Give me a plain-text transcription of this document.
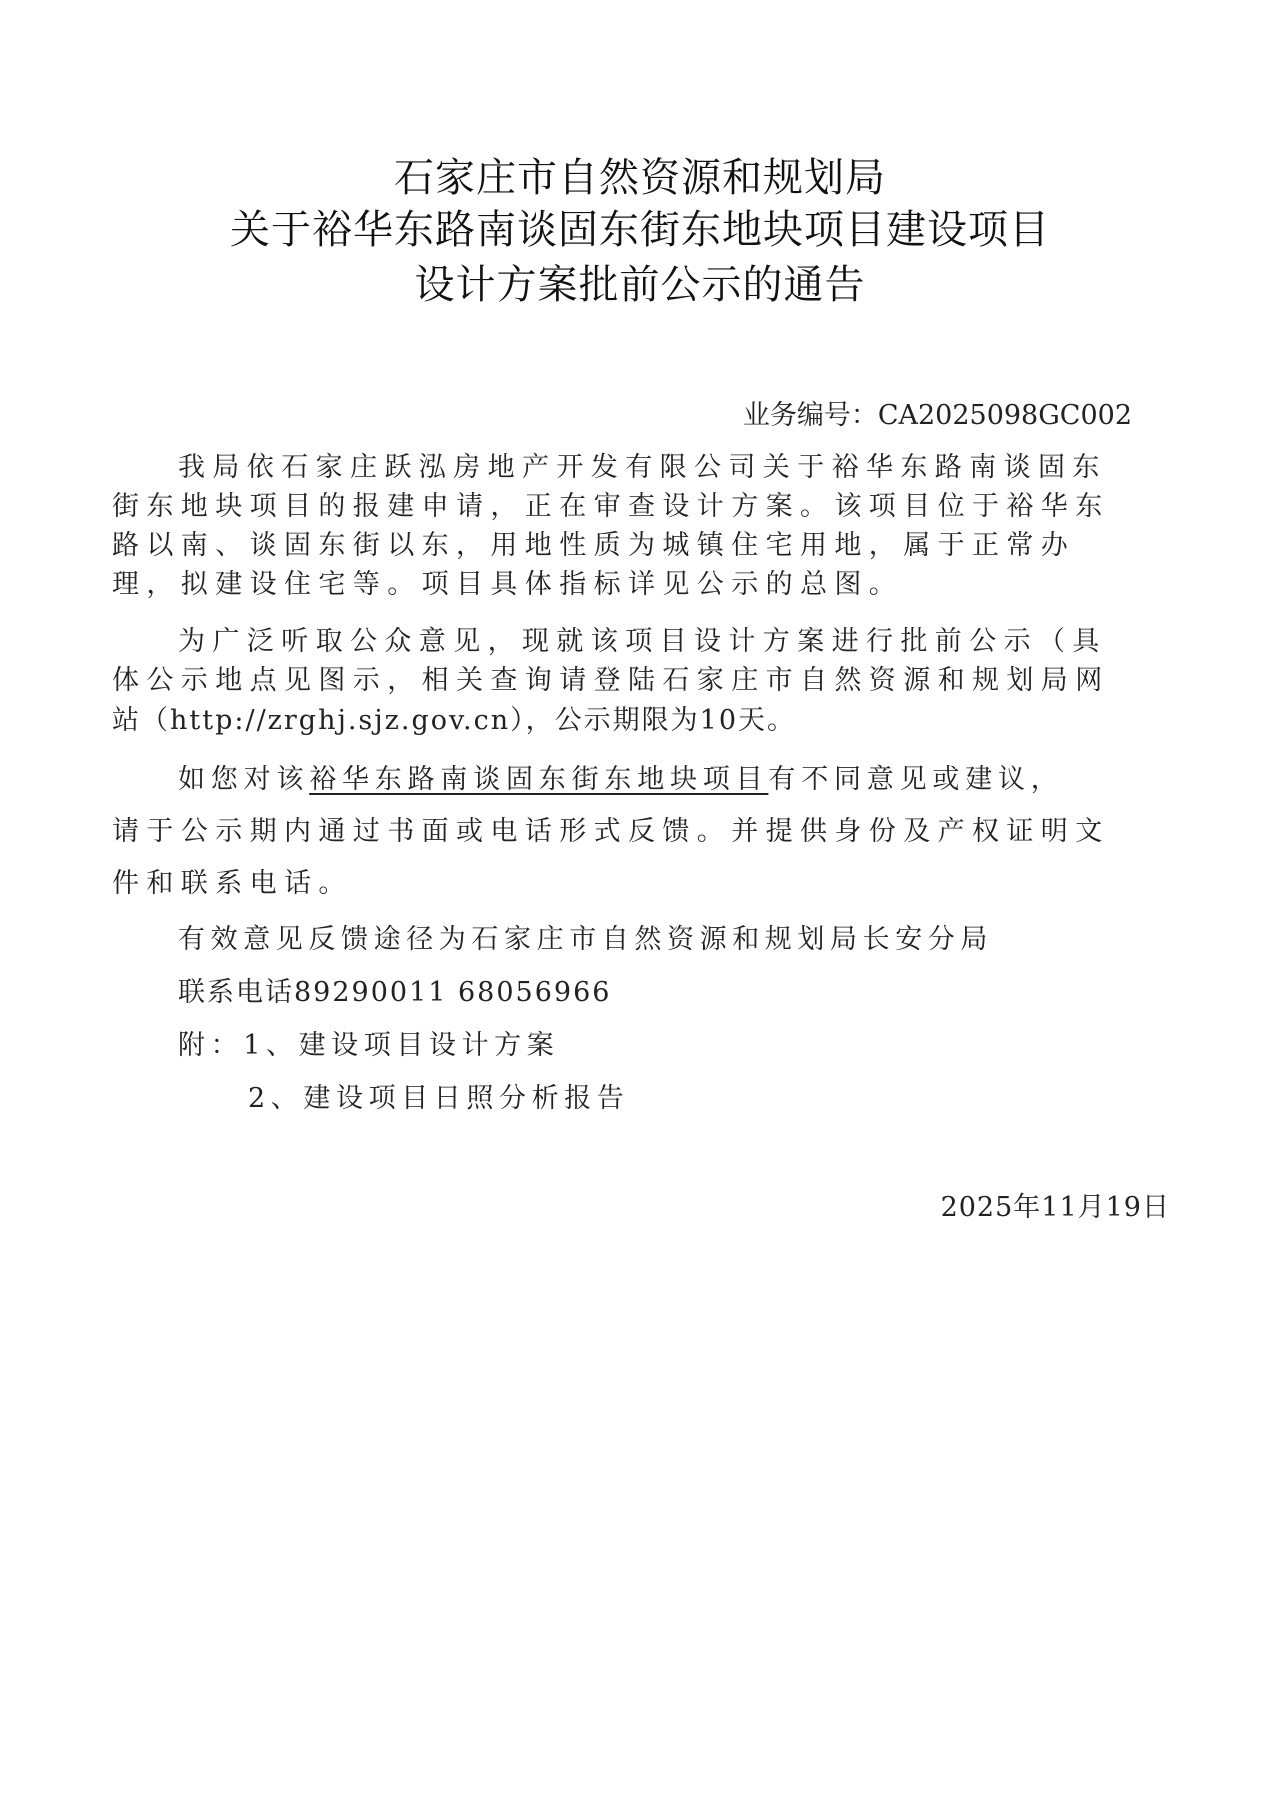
石家庄市自然资源和规划局
关于裕华东路南谈固东街东地块项目建设项目
设计方案批前公示的通告
业务编号：CA2025098GC002
我局依石家庄跃泓房地产开发有限公司关于裕华东路南谈固东
街东地块项目的报建申请，正在审查设计方案。该项目位于裕华东
路以南、谈固东街以东，用地性质为城镇住宅用地，属于正常办
理，拟建设住宅等。项目具体指标详见公示的总图。
为广泛听取公众意见，现就该项目设计方案进行批前公示（具
体公示地点见图示，相关查询请登陆石家庄市自然资源和规划局网
站（http://zrghj.sjz.gov.cn），公示期限为10天。
如您对该裕华东路南谈固东街东地块项目有不同意见或建议，
请于公示期内通过书面或电话形式反馈。并提供身份及产权证明文
件和联系电话。
有效意见反馈途径为石家庄市自然资源和规划局长安分局
联系电话89290011 68056966
附：1、建设项目设计方案
2、建设项目日照分析报告
2025年11月19日
